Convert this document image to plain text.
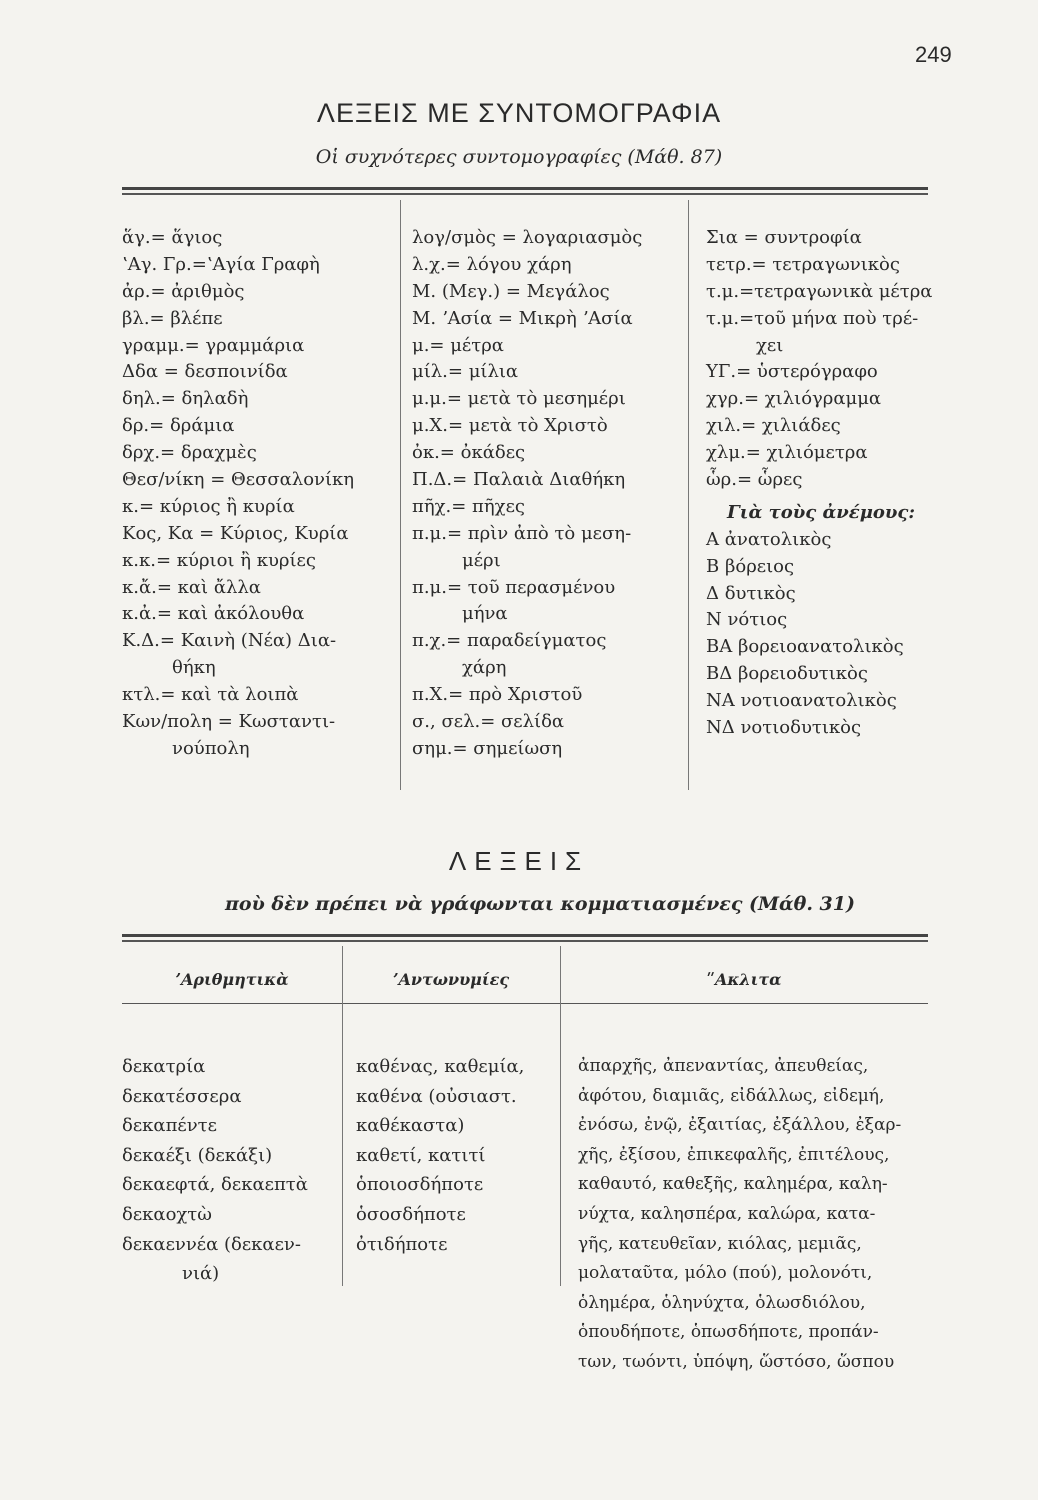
249
ΛΕΞΕΙΣ ΜΕ ΣΥΝΤΟΜΟΓΡΑΦΙΑ
Οἱ συχνότερες συντομογραφίες (Μάθ. 87)
ἅγ.= ἅγιος
ʽΑγ. Γρ.=ʽΑγία Γραφὴ
ἀρ.= ἀριθμὸς
βλ.= βλέπε
γραμμ.= γραμμάρια
Δδα = δεσποινίδα
δηλ.= δηλαδὴ
δρ.= δράμια
δρχ.= δραχμὲς
Θεσ/νίκη = Θεσσαλονίκη
κ.= κύριος ἢ κυρία
Κος, Κα = Κύριος, Κυρία
κ.κ.= κύριοι ἢ κυρίες
κ.ἄ.= καὶ ἄλλα
κ.ἀ.= καὶ ἀκόλουθα
Κ.Δ.= Καινὴ (Νέα) Δια-
θήκη
κτλ.= καὶ τὰ λοιπὰ
Κων/πολη = Κωσταντι-
νούπολη
λογ/σμὸς = λογαριασμὸς
λ.χ.= λόγου χάρη
Μ. (Μεγ.) = Μεγάλος
Μ. ʼΑσία = Μικρὴ ʼΑσία
μ.= μέτρα
μίλ.= μίλια
μ.μ.= μετὰ τὸ μεσημέρι
μ.Χ.= μετὰ τὸ Χριστὸ
ὀκ.= ὀκάδες
Π.Δ.= Παλαιὰ Διαθήκη
πῆχ.= πῆχες
π.μ.= πρὶν ἀπὸ τὸ μεση-
μέρι
π.μ.= τοῦ περασμένου
μήνα
π.χ.= παραδείγματος
χάρη
π.Χ.= πρὸ Χριστοῦ
σ., σελ.= σελίδα
σημ.= σημείωση
Σια = συντροφία
τετρ.= τετραγωνικὸς
τ.μ.=τετραγωνικὰ μέτρα
τ.μ.=τοῦ μήνα ποὺ τρέ-
χει
ΥΓ.= ὑστερόγραφο
χγρ.= χιλιόγραμμα
χιλ.= χιλιάδες
χλμ.= χιλιόμετρα
ὧρ.= ὧρες
Γιὰ τοὺς ἀνέμους:
Α ἀνατολικὸς
Β βόρειος
Δ δυτικὸς
Ν νότιος
ΒΑ βορειοανατολικὸς
ΒΔ βορειοδυτικὸς
ΝΑ νοτιοανατολικὸς
ΝΔ νοτιοδυτικὸς
ΛΕΞΕΙΣ
ποὺ δὲν πρέπει νὰ γράφωνται κομματιασμένες (Μάθ. 31)
ʼΑριθμητικὰ	ʼΑντωνυμίες	ʺΑκλιτα
δεκατρία
δεκατέσσερα
δεκαπέντε
δεκαέξι (δεκάξι)
δεκαεφτά, δεκαεπτὰ
δεκαοχτὼ
δεκαεννέα (δεκαεν-
νιά)
καθένας, καθεμία,
καθένα (οὐσιαστ.
καθέκαστα)
καθετί, κατιτί
ὁποιοσδήποτε
ὁσοσδήποτε
ὀτιδήποτε
ἀπαρχῆς, ἀπεναντίας, ἀπευθείας,
ἀφότου, διαμιᾶς, εἰδάλλως, εἰδεμή,
ἐνόσω, ἐνῷ, ἐξαιτίας, ἐξάλλου, ἐξαρ-
χῆς, ἐξίσου, ἐπικεφαλῆς, ἐπιτέλους,
καθαυτό, καθεξῆς, καλημέρα, καλη-
νύχτα, καλησπέρα, καλώρα, κατα-
γῆς, κατευθεῖαν, κιόλας, μεμιᾶς,
μολαταῦτα, μόλο (πού), μολονότι,
ὁλημέρα, ὁληνύχτα, ὁλωσδιόλου,
ὁπουδήποτε, ὁπωσδήποτε, προπάν-
των, τωόντι, ὑπόψη, ὥστόσο, ὥσπου
